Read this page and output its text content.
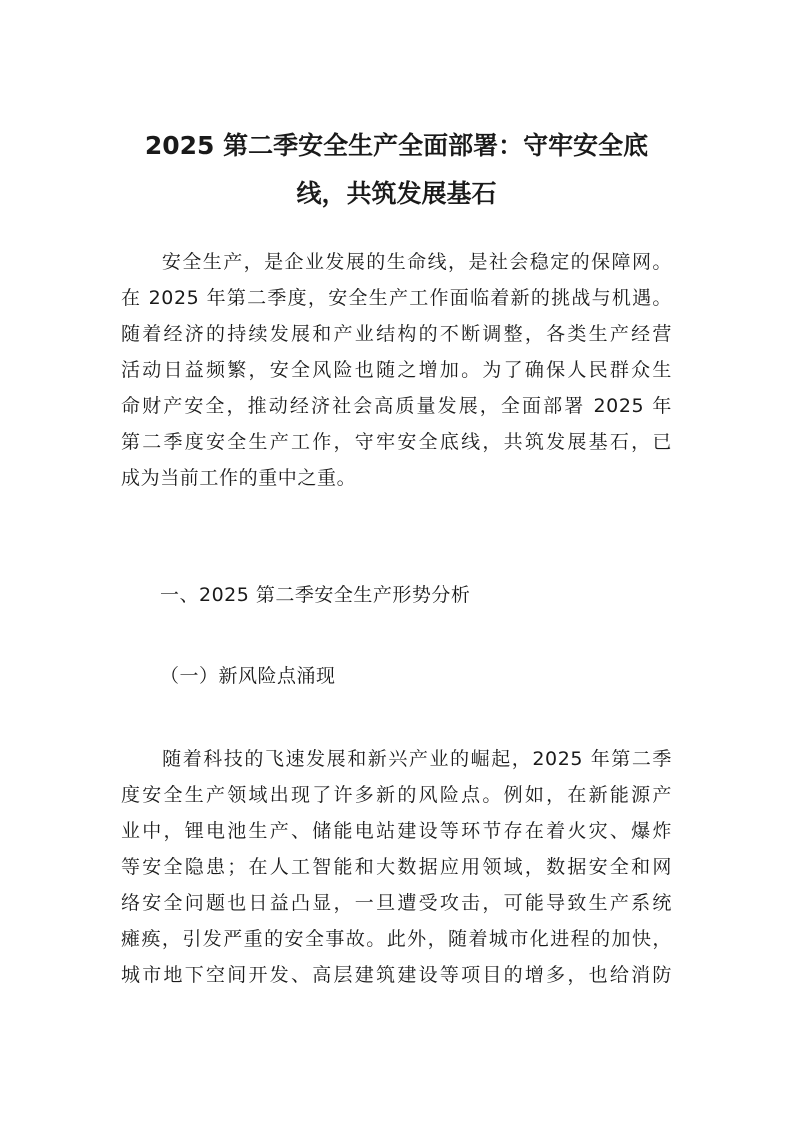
2025 第二季安全生产全面部署：守牢安全底
线，共筑发展基石
　　安全生产，是企业发展的生命线，是社会稳定的保障网。
在 2025 年第二季度，安全生产工作面临着新的挑战与机遇。
随着经济的持续发展和产业结构的不断调整，各类生产经营
活动日益频繁，安全风险也随之增加。为了确保人民群众生
命财产安全，推动经济社会高质量发展，全面部署 2025 年
第二季度安全生产工作，守牢安全底线，共筑发展基石，已
成为当前工作的重中之重。

一、2025 第二季安全生产形势分析

（一）新风险点涌现

　　随着科技的飞速发展和新兴产业的崛起，2025 年第二季
度安全生产领域出现了许多新的风险点。例如，在新能源产
业中，锂电池生产、储能电站建设等环节存在着火灾、爆炸
等安全隐患；在人工智能和大数据应用领域，数据安全和网
络安全问题也日益凸显，一旦遭受攻击，可能导致生产系统
瘫痪，引发严重的安全事故。此外，随着城市化进程的加快，
城市地下空间开发、高层建筑建设等项目的增多，也给消防
